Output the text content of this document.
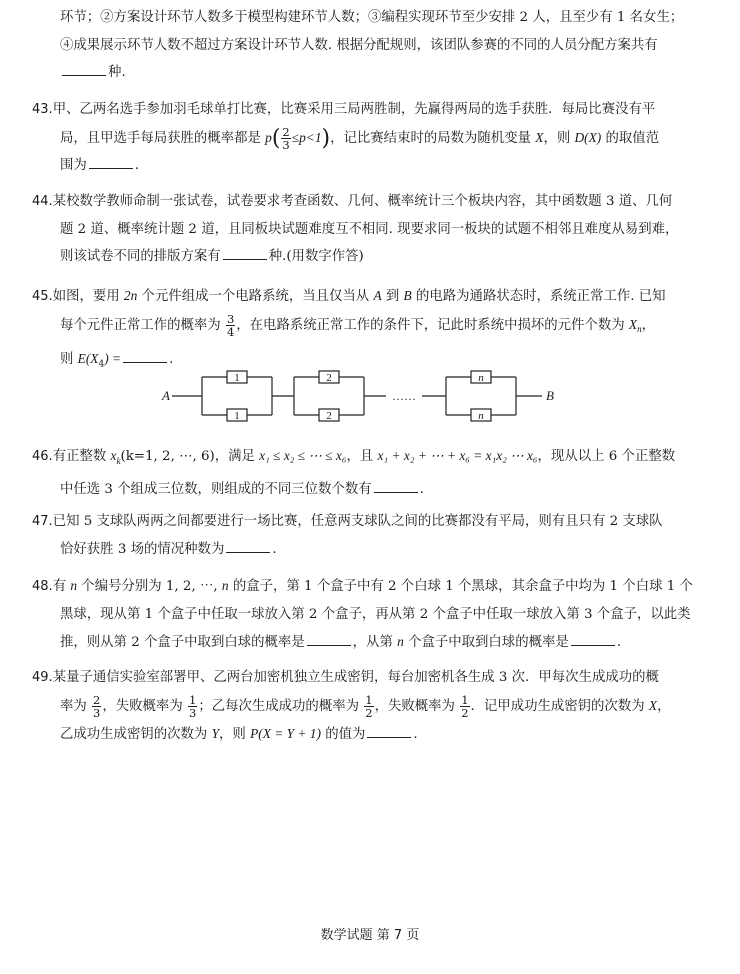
环节；②方案设计环节人数多于模型构建环节人数；③编程实现环节至少安排 2 人，且至少有 1 名女生；

④成果展示环节人数不超过方案设计环节人数. 根据分配规则，该团队参赛的不同的人员分配方案共有

种.

43.甲、乙两名选手参加羽毛球单打比赛，比赛采用三局两胜制，先赢得两局的选手获胜．每局比赛没有平

局，且甲选手每局获胜的概率都是 $p( \frac{2}{3} \le p<1)$，记比赛结束时的局数为随机变量 X，则 D(X) 的取值范

围为	.

44.某校数学教师命制一张试卷，试卷要求考查函数、几何、概率统计三个板块内容，其中函数题 3 道、几何

题 2 道、概率统计题 2 道，且同板块试题难度互不相同. 现要求同一板块的试题不相邻且难度从易到难，

则该试卷不同的排版方案有	种.(用数字作答)

45.如图，要用 2n 个元件组成一个电路系统，当且仅当从 A 到 B 的电路为通路状态时，系统正常工作. 已知

每个元件正常工作的概率为 $\frac{3}{4}$ ，在电路系统正常工作的条件下，记此时系统中损坏的元件个数为 $X_n$，

则 $E(X_4)$ =	.

1
1
2
2
n
n
……
A	B

46.有正整数 $x_k(k=1$, 2, ⋯, 6)，满足 x₁ ≤ x₂ ≤ ⋯ ≤ x₆，且 x₁ + x₂ + ⋯ + x₆ = x₁x₂ ⋯ x₆，现从以上 6 个正整数

中任选 3 个组成三位数，则组成的不同三位数个数有	.

47.已知 5 支球队两两之间都要进行一场比赛，任意两支球队之间的比赛都没有平局，则有且只有 2 支球队

恰好获胜 3 场的情况种数为	.

48.有 n 个编号分别为 1, 2, ⋯, n 的盒子，第 1 个盒子中有 2 个白球 1 个黑球，其余盒子中均为 1 个白球 1 个

黑球，现从第 1 个盒子中任取一球放入第 2 个盒子，再从第 2 个盒子中任取一球放入第 3 个盒子，以此类

推，则从第 2 个盒子中取到白球的概率是	，从第 n 个盒子中取到白球的概率是	.

49.某量子通信实验室部署甲、乙两台加密机独立生成密钥，每台加密机各生成 3 次．甲每次生成成功的概

率为 $\frac{2}{3}$ ，失败概率为 $\frac{1}{3}$ ；乙每次生成成功的概率为 $\frac{1}{2}$ ，失败概率为 $\frac{1}{2}$ ．记甲成功生成密钥的次数为 X，

乙成功生成密钥的次数为 Y，则 P(X = Y + 1) 的值为	.

数学试题 第 7 页
